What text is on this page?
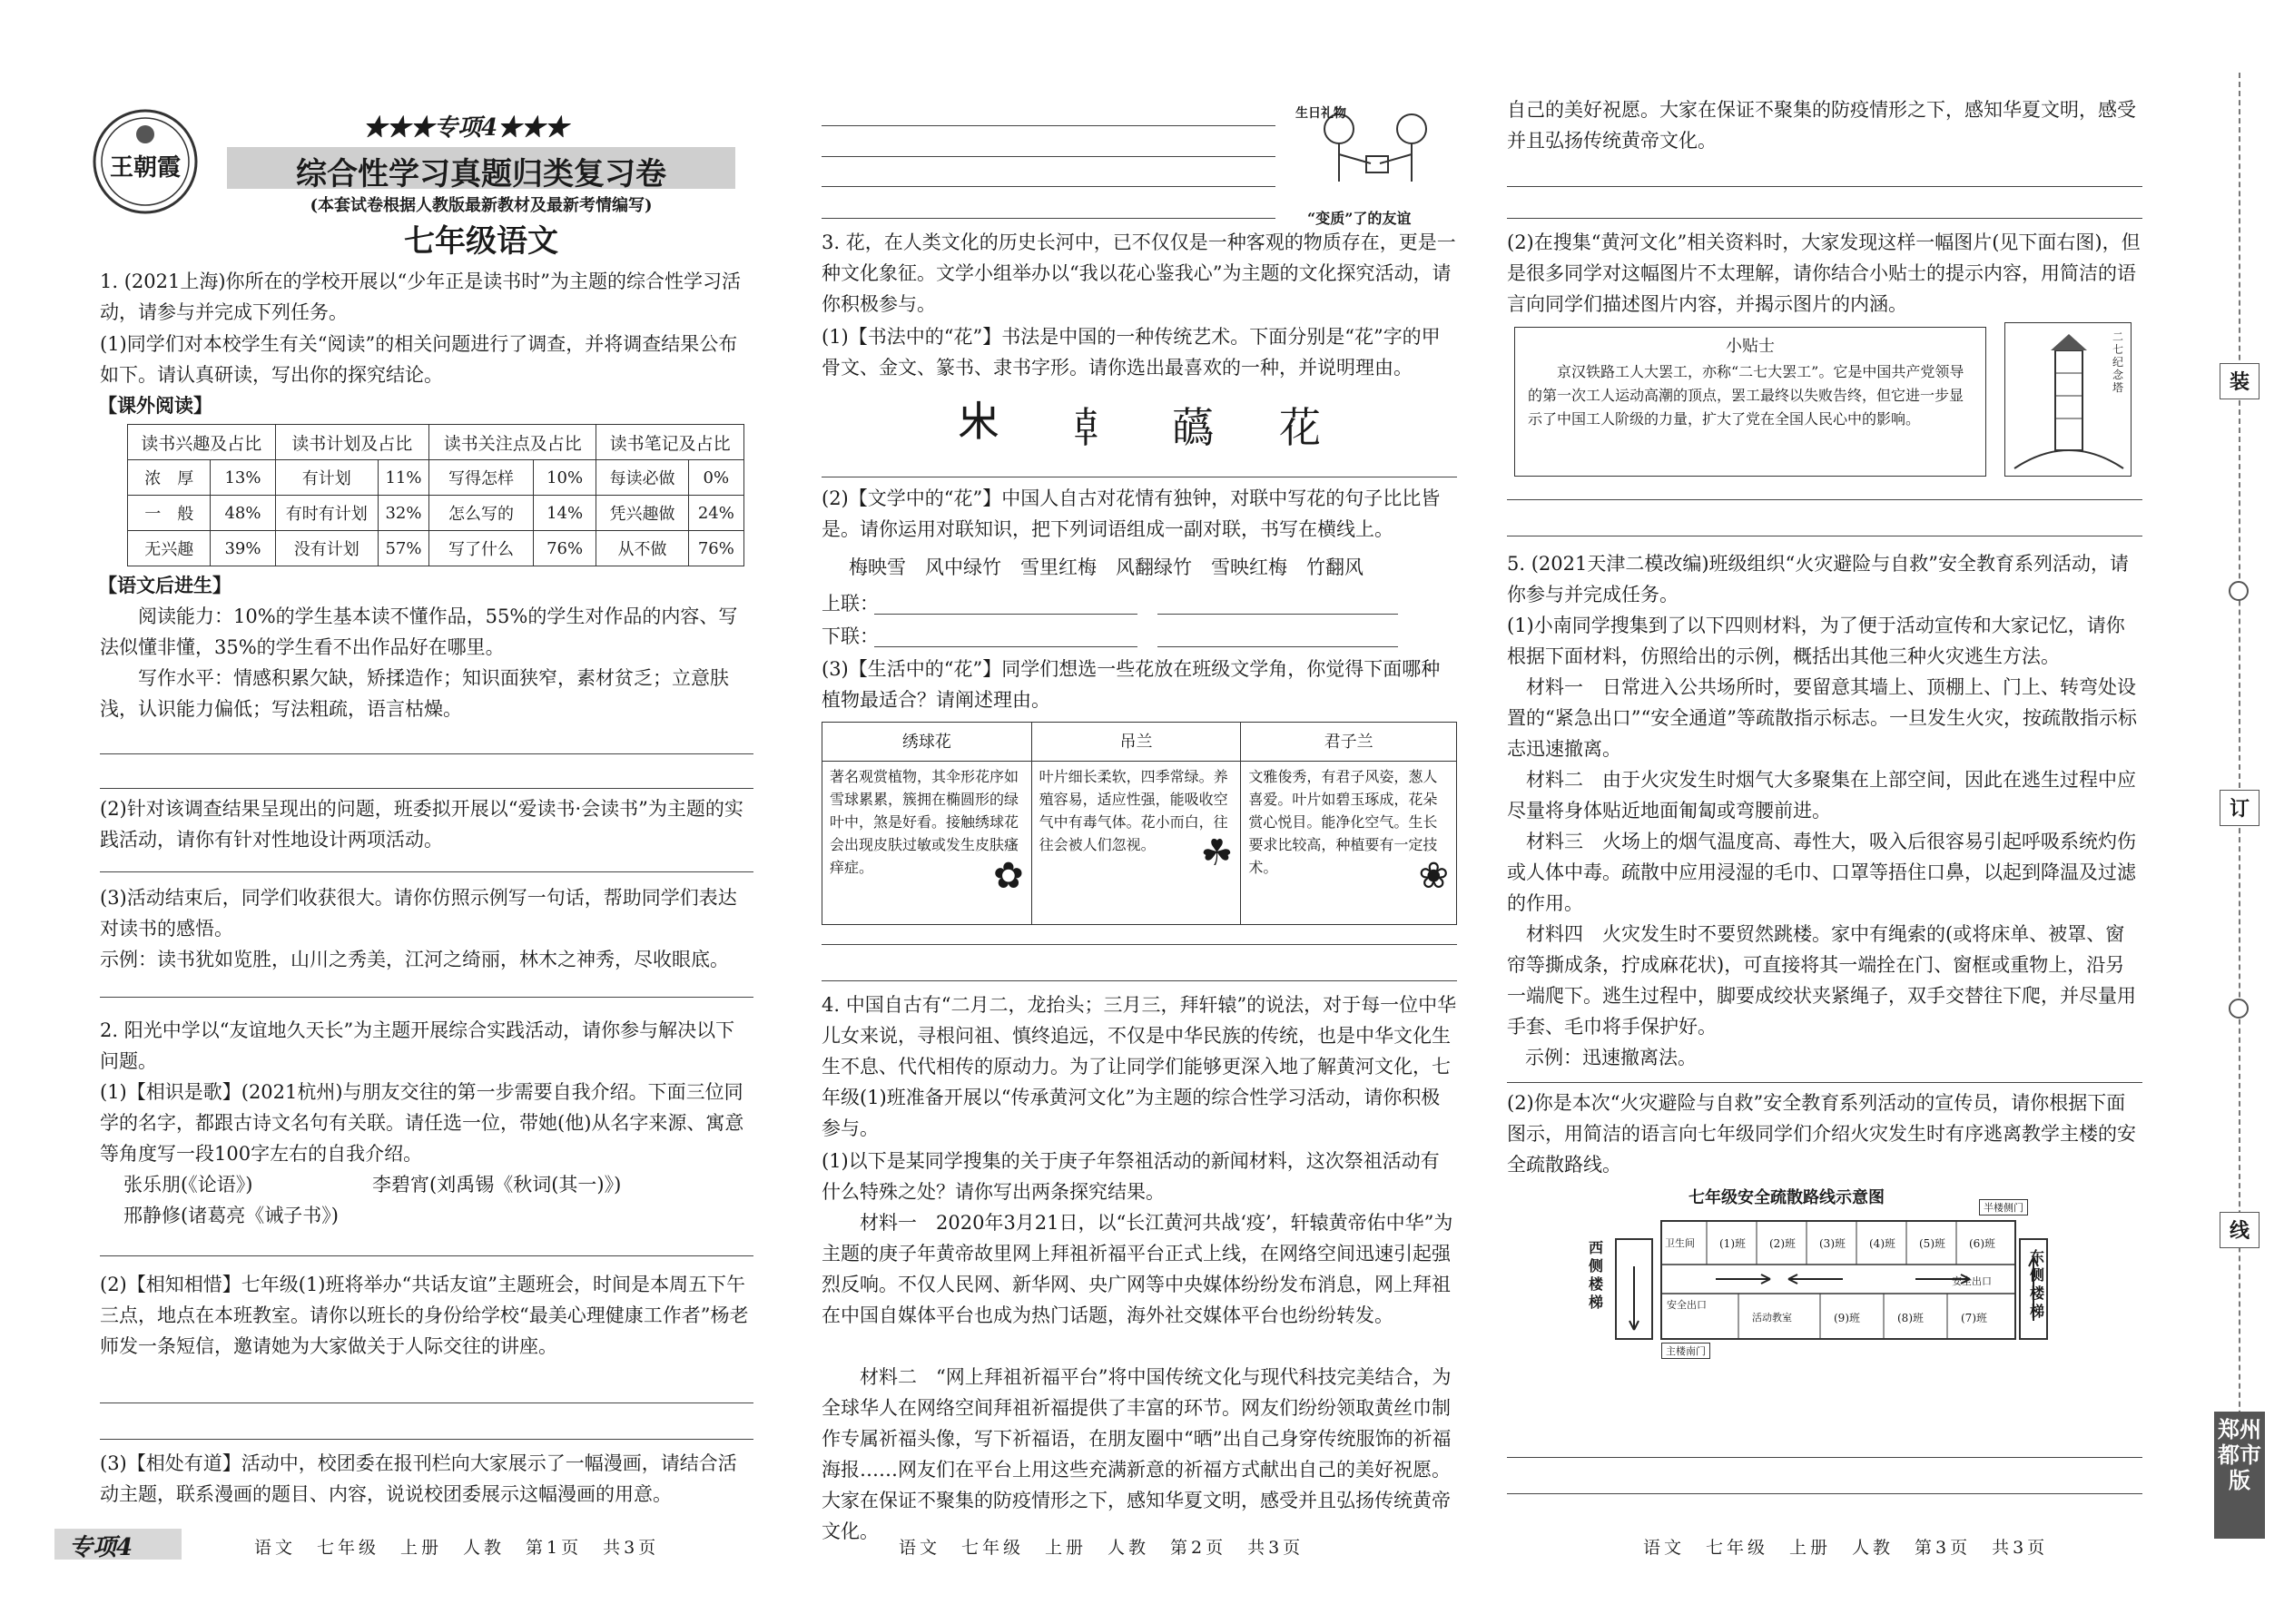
王朝霞
★★★专项4★★★
综合性学习真题归类复习卷
(本套试卷根据人教版最新教材及最新考情编写)
七年级语文

1. (2021上海)你所在的学校开展以“少年正是读书时”为主题的综合性学习活动，请参与并完成下列任务。

(1)同学们对本校学生有关“阅读”的相关问题进行了调查，并将调查结果公布如下。请认真研读，写出你的探究结论。

【课外阅读】
读书兴趣及占比		读书计划及占比		读书关注点及占比		读书笔记及占比	
浓　厚	13%	有计划	11%	写得怎样	10%	每读必做	0%
一　般	48%	有时有计划	32%	怎么写的	14%	凭兴趣做	24%
无兴趣	39%	没有计划	57%	写了什么	76%	从不做	76%
【语文后进生】

阅读能力：10%的学生基本读不懂作品，55%的学生对作品的内容、写法似懂非懂，35%的学生看不出作品好在哪里。

写作水平：情感积累欠缺，矫揉造作；知识面狭窄，素材贫乏；立意肤浅，认识能力偏低；写法粗疏，语言枯燥。

(2)针对该调查结果呈现出的问题，班委拟开展以“爱读书·会读书”为主题的实践活动，请你有针对性地设计两项活动。

(3)活动结束后，同学们收获很大。请你仿照示例写一句话，帮助同学们表达对读书的感悟。

示例：读书犹如览胜，山川之秀美，江河之绮丽，林木之神秀，尽收眼底。

2. 阳光中学以“友谊地久天长”为主题开展综合实践活动，请你参与解决以下问题。

(1)【相识是歌】(2021杭州)与朋友交往的第一步需要自我介绍。下面三位同学的名字，都跟古诗文名句有关联。请任选一位，带她(他)从名字来源、寓意等角度写一段100字左右的自我介绍。

张乐朋(《论语》)	李碧宵(刘禹锡《秋词(其一)》)
邢静修(诸葛亮《诫子书》)

(2)【相知相惜】七年级(1)班将举办“共话友谊”主题班会，时间是本周五下午三点，地点在本班教室。请你以班长的身份给学校“最美心理健康工作者”杨老师发一条短信，邀请她为大家做关于人际交往的讲座。

(3)【相处有道】活动中，校团委在报刊栏向大家展示了一幅漫画，请结合活动主题，联系漫画的题目、内容，说说校团委展示这幅漫画的用意。

专项4	语文　七年级　上册　人教　第1页　共3页
生日礼物
“变质”了的友谊

3. 花，在人类文化的历史长河中，已不仅仅是一种客观的物质存在，更是一种文化象征。文学小组举办以“我以花心鉴我心”为主题的文化探究活动，请你积极参与。

(1)【书法中的“花”】书法是中国的一种传统艺术。下面分别是“花”字的甲骨文、金文、篆书、隶书字形。请你选出最喜欢的一种，并说明理由。

𣎵 𠦝 蘤 花

(2)【文学中的“花”】中国人自古对花情有独钟，对联中写花的句子比比皆是。请你运用对联知识，把下列词语组成一副对联，书写在横线上。

梅映雪　风中绿竹　雪里红梅　风翻绿竹　雪映红梅　竹翻风
上联：
下联：

(3)【生活中的“花”】同学们想选一些花放在班级文学角，你觉得下面哪种植物最适合？请阐述理由。

绣球花	吊兰	君子兰
著名观赏植物，其伞形花序如雪球累累，簇拥在椭圆形的绿叶中，煞是好看。接触绣球花会出现皮肤过敏或发生皮肤瘙痒症。 ✿	叶片细长柔软，四季常绿。养殖容易，适应性强，能吸收空气中有毒气体。花小而白，往往会被人们忽视。 ☘	文雅俊秀，有君子风姿，葱人喜爱。叶片如碧玉琢成，花朵赏心悦目。能净化空气。生长要求比较高，种植要有一定技术。 ❀

4. 中国自古有“二月二，龙抬头；三月三，拜轩辕”的说法，对于每一位中华儿女来说，寻根问祖、慎终追远，不仅是中华民族的传统，也是中华文化生生不息、代代相传的原动力。为了让同学们能够更深入地了解黄河文化，七年级(1)班准备开展以“传承黄河文化”为主题的综合性学习活动，请你积极参与。

(1)以下是某同学搜集的关于庚子年祭祖活动的新闻材料，这次祭祖活动有什么特殊之处？请你写出两条探究结果。

材料一　2020年3月21日，以“长江黄河共战‘疫’，轩辕黄帝佑中华”为主题的庚子年黄帝故里网上拜祖祈福平台正式上线，在网络空间迅速引起强烈反响。不仅人民网、新华网、央广网等中央媒体纷纷发布消息，网上拜祖在中国自媒体平台也成为热门话题，海外社交媒体平台也纷纷转发。

材料二　“网上拜祖祈福平台”将中国传统文化与现代科技完美结合，为全球华人在网络空间拜祖祈福提供了丰富的环节。网友们纷纷领取黄丝巾制作专属祈福头像，写下祈福语，在朋友圈中“晒”出自己身穿传统服饰的祈福海报……网友们在平台上用这些充满新意的祈福方式献出自己的美好祝愿。大家在保证不聚集的防疫情形之下，感知华夏文明，感受并且弘扬传统黄帝文化。

语文　七年级　上册　人教　第2页　共3页

自己的美好祝愿。大家在保证不聚集的防疫情形之下，感知华夏文明，感受并且弘扬传统黄帝文化。

(2)在搜集“黄河文化”相关资料时，大家发现这样一幅图片(见下面右图)，但是很多同学对这幅图片不太理解，请你结合小贴士的提示内容，用简洁的语言向同学们描述图片内容，并揭示图片的内涵。

小贴士

京汉铁路工人大罢工，亦称“二七大罢工”。它是中国共产党领导的第一次工人运动高潮的顶点，罢工最终以失败告终，但它进一步显示了中国工人阶级的力量，扩大了党在全国人民心中的影响。

二七纪念塔

5. (2021天津二模改编)班级组织“火灾避险与自救”安全教育系列活动，请你参与并完成任务。

(1)小南同学搜集到了以下四则材料，为了便于活动宣传和大家记忆，请你根据下面材料，仿照给出的示例，概括出其他三种火灾逃生方法。

材料一　日常进入公共场所时，要留意其墙上、顶棚上、门上、转弯处设置的“紧急出口”“安全通道”等疏散指示标志。一旦发生火灾，按疏散指示标志迅速撤离。

材料二　由于火灾发生时烟气大多聚集在上部空间，因此在逃生过程中应尽量将身体贴近地面匍匐或弯腰前进。

材料三　火场上的烟气温度高、毒性大，吸入后很容易引起呼吸系统灼伤或人体中毒。疏散中应用浸湿的毛巾、口罩等捂住口鼻，以起到降温及过滤的作用。

材料四　火灾发生时不要贸然跳楼。家中有绳索的(或将床单、被罩、窗帘等撕成条，拧成麻花状)，可直接将其一端拴在门、窗框或重物上，沿另一端爬下。逃生过程中，脚要成绞状夹紧绳子，双手交替往下爬，并尽量用手套、毛巾将手保护好。

示例：迅速撤离法。

(2)你是本次“火灾避险与自救”安全教育系列活动的宣传员，请你根据下面图示，用简洁的语言向七年级同学们介绍火灾发生时有序逃离教学主楼的安全疏散路线。

七年级安全疏散路线示意图
西侧楼梯
东侧楼梯
卫生间 (1)班 (2)班 (3)班 (4)班 (5)班 (6)班
活动教室	(9)班	(8)班	(7)班
安全出口
安全出口
半楼侧门
主楼南门
语文　七年级　上册　人教　第3页　共3页
装
订
线
郑州都市版
